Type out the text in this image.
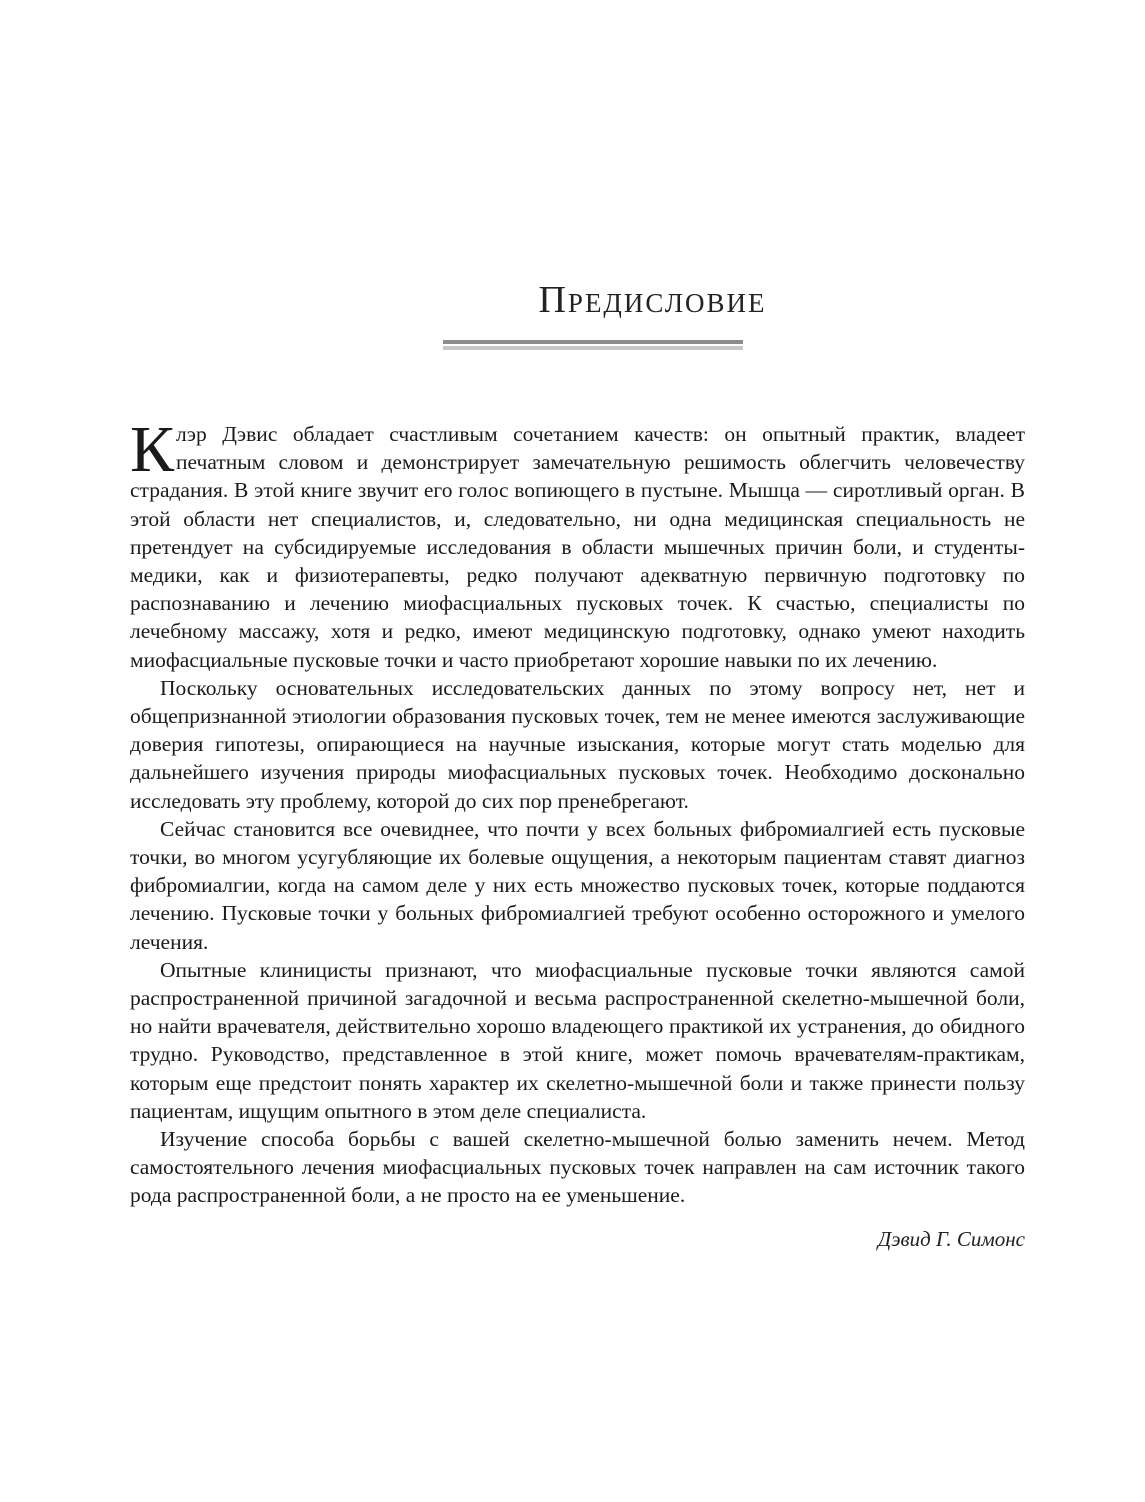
Предисловие

Клэр Дэвис обладает счастливым сочетанием качеств: он опытный практик, владеет печатным словом и демонстрирует замечательную решимость облегчить человечеству страдания. В этой книге звучит его голос вопиющего в пустыне. Мышца — сиротливый орган. В этой области нет специалистов, и, следовательно, ни одна медицинская специальность не претендует на субсидируемые исследования в области мышечных причин боли, и студенты-медики, как и физиотерапевты, редко получают адекватную первичную подготовку по распознаванию и лечению миофасциальных пусковых точек. К счастью, специалисты по лечебному массажу, хотя и редко, имеют медицинскую подготовку, однако умеют находить миофасциальные пусковые точки и часто приобретают хорошие навыки по их лечению.

Поскольку основательных исследовательских данных по этому вопросу нет, нет и общепризнанной этиологии образования пусковых точек, тем не менее имеются заслуживающие доверия гипотезы, опирающиеся на научные изыскания, которые могут стать моделью для дальнейшего изучения природы миофасциальных пусковых точек. Необходимо досконально исследовать эту проблему, которой до сих пор пренебрегают.

Сейчас становится все очевиднее, что почти у всех больных фибромиалгией есть пусковые точки, во многом усугубляющие их болевые ощущения, а некоторым пациентам ставят диагноз фибромиалгии, когда на самом деле у них есть множество пусковых точек, которые поддаются лечению. Пусковые точки у больных фибромиалгией требуют особенно осторожного и умелого лечения.

Опытные клиницисты признают, что миофасциальные пусковые точки являются самой распространенной причиной загадочной и весьма распространенной скелетно-мышечной боли, но найти врачевателя, действительно хорошо владеющего практикой их устранения, до обидного трудно. Руководство, представленное в этой книге, может помочь врачевателям-практикам, которым еще предстоит понять характер их скелетно-мышечной боли и также принести пользу пациентам, ищущим опытного в этом деле специалиста.

Изучение способа борьбы с вашей скелетно-мышечной болью заменить нечем. Метод самостоятельного лечения миофасциальных пусковых точек направлен на сам источник такого рода распространенной боли, а не просто на ее уменьшение.

Дэвид Г. Симонс
